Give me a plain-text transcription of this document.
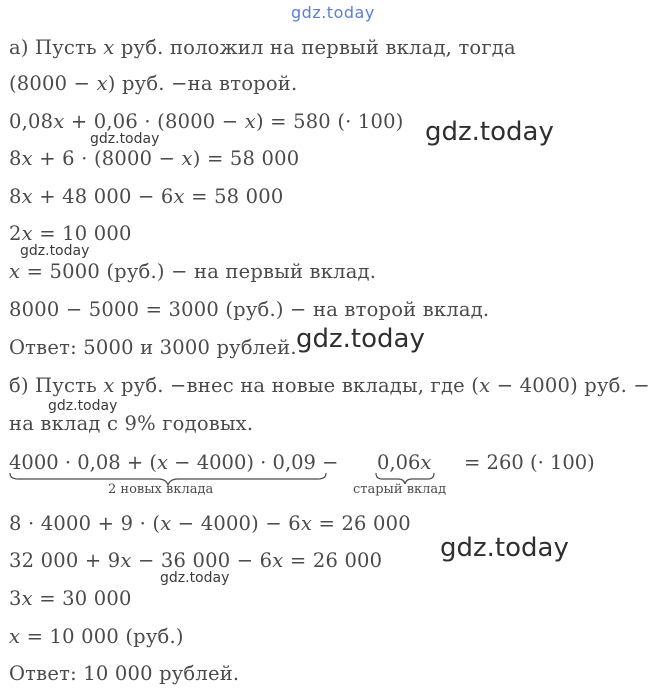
gdz.today
а) Пусть x руб. положил на первый вклад, тогда
(8000 − x) руб. −на второй.
0,08x + 0,06 · (8000 − x) = 580 (· 100)
gdz.today	gdz.today
8x + 6 · (8000 − x) = 58 000
8x + 48 000 − 6x = 58 000
2x = 10 000
gdz.today
x = 5000 (руб.) − на первый вклад.
8000 − 5000 = 3000 (руб.) − на второй вклад.
Ответ: 5000 и 3000 рублей. gdz.today
б) Пусть x руб. −внес на новые вклады, где (x − 4000) руб. −
gdz.today
на вклад с 9% годовых.
4000 · 0,08 + (x − 4000) · 0,09 − 0,06x = 260 (· 100)
2 новых вклада	старый вклад
8 · 4000 + 9 · (x − 4000) − 6x = 26 000
32 000 + 9x − 36 000 − 6x = 26 000 gdz.today
gdz.today
3x = 30 000
x = 10 000 (руб.)
Ответ: 10 000 рублей.
